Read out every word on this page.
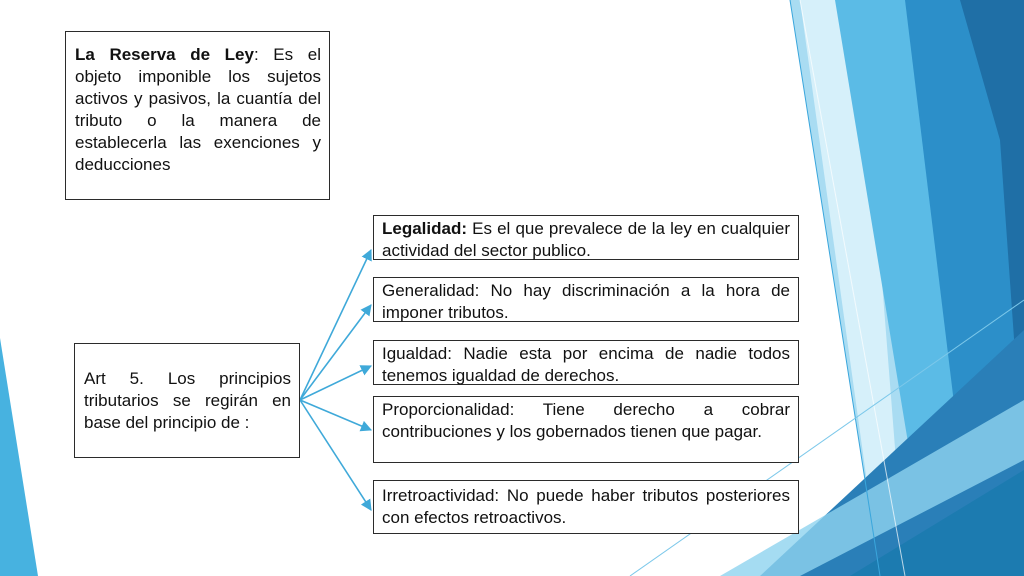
La Reserva de Ley: Es el objeto imponible los sujetos activos y pasivos, la cuantía del tributo o la manera de establecerla las exenciones y deducciones
Art 5. Los principios tributarios se regirán en base del principio de :
Legalidad: Es el que prevalece de la ley en cualquier actividad del sector publico.
Generalidad: No hay discriminación a la hora de imponer tributos.
Igualdad: Nadie esta por encima de nadie todos tenemos igualdad de derechos.
Proporcionalidad: Tiene derecho a cobrar contribuciones y los gobernados tienen que pagar.
Irretroactividad: No puede haber tributos posteriores con efectos retroactivos.
